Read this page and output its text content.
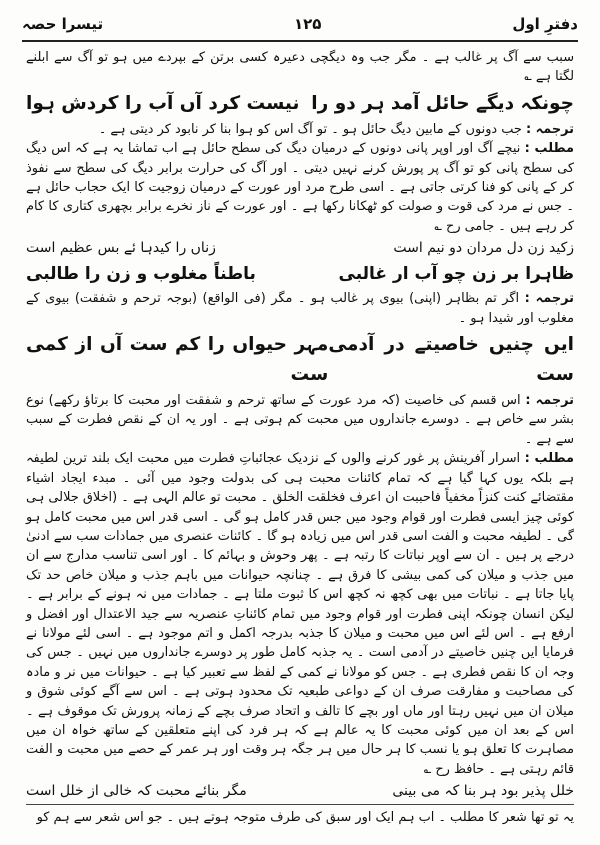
دفترِ اول
۱۲۵
تیسرا حصہ

سبب سے آگ پر غالب ہے ۔ مگر جب وہ دیگچی دعیرہ کسی برتن کے بپردے میں ہو تو آگ سے ابلنے لگتا ہے ؎

چونکہ دیگے حائل آمد ہر دو را
نیست کرد آں آب را کردش ہوا

ترجمہ : جب دونوں کے مابین دیگ حائل ہو ۔ تو آگ اس کو ہوا بنا کر نابود کر دیتی ہے ۔

مطلب : نیچے آگ اور اوپر پانی دونوں کے درمیان دیگ کی سطح حائل ہے اب تماشا یہ ہے کہ اس دیگ کی سطح پانی کو تو آگ پر پورش کرنے نہیں دیتی ۔ اور آگ کی حرارت برابر دیگ کی سطح سے نفوذ کر کے پانی کو فنا کرتی جاتی ہے ۔ اسی طرح مرد اور عورت کے درمیان زوجیت کا ایک حجاب حائل ہے ۔ جس نے مرد کی قوت و صولت کو ٹھکانا رکھا ہے ۔ اور عورت کے ناز نخرے برابر بچھری کتاری کا کام کر رہے ہیں ۔ جامی رح ؎

زکید زن دل مردان دو نیم است
زناں را کیدہا ئے بس عظیم است
ظاہرا بر زن چو آب ار غالبی
باطناً مغلوب و زن را طالبی

ترجمہ : اگر تم بظاہر (اپنی) بیوی پر غالب ہو ۔ مگر (فی الواقع) (بوجہ ترحم و شفقت) بیوی کے مغلوب اور شیدا ہو ۔

ایں چنیں خاصیتے در آدمی ست
مہر حیواں را کم ست آں از کمی ست

ترجمہ : اس قسم کی خاصیت (کہ مرد عورت کے ساتھ ترحم و شفقت اور محبت کا برتاؤ رکھے) نوع بشر سے خاص ہے ۔ دوسرے جانداروں میں محبت کم ہوتی ہے ۔ اور یہ ان کے نقص فطرت کے سبب سے ہے ۔

مطلب : اسرار آفرینش پر غور کرنے والوں کے نزدیک عجائباتِ فطرت میں محبت ایک بلند ترین لطیفہ ہے بلکہ یوں کہا گیا ہے کہ تمام کائنات محبت ہی کی بدولت وجود میں آئی ۔ مبدء ایجاد اشیاء مقتضائے کنت کنزاً مخفیاً فاحببت ان اعرف فخلقت الخلق ۔ محبت تو عالم الہی ہے ۔ (اخلاق جلالی ہی کوئی چیز ایسی فطرت اور قوام وجود میں جس قدر کامل ہو گی ۔ اسی قدر اس میں محبت کامل ہو گی ۔ لطیفہ محبت و الفت اسی قدر اس میں زیادہ ہو گا ۔ کائنات عنصری میں جمادات سب سے ادنیٰ درجے پر ہیں ۔ ان سے اوپر نباتات کا رتبہ ہے ۔ پھر وحوش و بہائم کا ۔ اور اسی تناسب مدارج سے ان میں جذب و میلان کی کمی بیشی کا فرق ہے ۔ چنانچہ حیوانات میں باہم جذب و میلان خاص حد تک پایا جاتا ہے ۔ نباتات میں بھی کچھ نہ کچھ اس کا ثبوت ملتا ہے ۔ جمادات میں نہ ہونے کے برابر ہے ۔ لیکن انسان چونکہ اپنی فطرت اور قوام وجود میں تمام کائناتِ عنصریہ سے جید الاعتدال اور افضل و ارفع ہے ۔ اس لئے اس میں محبت و میلان کا جذبہ بدرجہ اکمل و اتم موجود ہے ۔ اسی لئے مولانا نے فرمایا ایں چنیں خاصیتے در آدمی است ۔ یہ جذبہ کامل طور پر دوسرے جانداروں میں نہیں ۔ جس کی وجہ ان کا نقص فطری ہے ۔ جس کو مولانا نے کمی کے لفظ سے تعبیر کیا ہے ۔ حیوانات میں نر و مادہ کی مصاحبت و مفارقت صرف ان کے دواعی طبعیہ تک محدود ہوتی ہے ۔ اس سے آگے کوئی شوق و میلان ان میں نہیں رہتا اور ماں اور بچے کا تالف و اتحاد صرف بچے کے زمانہ پرورش تک موقوف ہے ۔ اس کے بعد ان میں کوئی محبت کا یہ عالم ہے کہ ہر فرد کی اپنے متعلقین کے ساتھ خواہ ان میں مصاہرت کا تعلق ہو یا نسب کا ہر حال میں ہر جگہ ہر وقت اور ہر عمر کے حصے میں محبت و الفت قائم رہتی ہے ۔ حافظ رح ؎

خلل پذیر بود ہر بنا کہ می بینی
مگر بنائے محبت کہ خالی از خلل است

یہ تو تھا شعر کا مطلب ۔ اب ہم ایک اور سبق کی طرف متوجہ ہوتے ہیں ۔ جو اس شعر سے ہم کو
